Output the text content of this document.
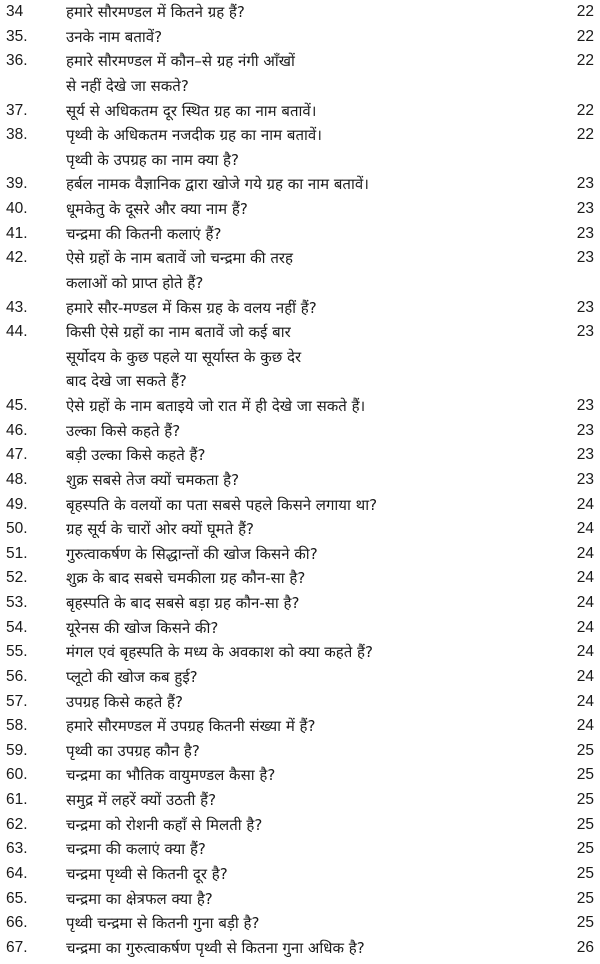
34	हमारे सौरमण्डल में कितने ग्रह हैं?	22
35.	उनके नाम बतावें?	22
36.	हमारे सौरमण्डल में कौन–से ग्रह नंगी आँखों	22
से नहीं देखे जा सकते?
37.	सूर्य से अधिकतम दूर स्थित ग्रह का नाम बतावें।	22
38.	पृथ्वी के अधिकतम नजदीक ग्रह का नाम बतावें।	22
पृथ्वी के उपग्रह का नाम क्या है?
39.	हर्बल नामक वैज्ञानिक द्वारा खोजे गये ग्रह का नाम बतावें।	23
40.	धूमकेतु के दूसरे और क्या नाम हैं?	23
41.	चन्द्रमा की कितनी कलाएं हैं?	23
42.	ऐसे ग्रहों के नाम बतावें जो चन्द्रमा की तरह	23
कलाओं को प्राप्त होते हैं?
43.	हमारे सौर-मण्डल में किस ग्रह के वलय नहीं हैं?	23
44.	किसी ऐसे ग्रहों का नाम बतावें जो कई बार	23
सूर्योदय के कुछ पहले या सूर्यास्त के कुछ देर
बाद देखे जा सकते हैं?
45.	ऐसे ग्रहों के नाम बताइये जो रात में ही देखे जा सकते हैं।	23
46.	उल्का किसे कहते हैं?	23
47.	बड़ी उल्का किसे कहते हैं?	23
48.	शुक्र सबसे तेज क्यों चमकता है?	23
49.	बृहस्पति के वलयों का पता सबसे पहले किसने लगाया था?	24
50.	ग्रह सूर्य के चारों ओर क्यों घूमते हैं?	24
51.	गुरुत्वाकर्षण के सिद्धान्तों की खोज किसने की?	24
52.	शुक्र के बाद सबसे चमकीला ग्रह कौन-सा है?	24
53.	बृहस्पति के बाद सबसे बड़ा ग्रह कौन-सा है?	24
54.	यूरेनस की खोज किसने की?	24
55.	मंगल एवं बृहस्पति के मध्य के अवकाश को क्या कहते हैं?	24
56.	प्लूटो की खोज कब हुई?	24
57.	उपग्रह किसे कहते हैं?	24
58.	हमारे सौरमण्डल में उपग्रह कितनी संख्या में हैं?	24
59.	पृथ्वी का उपग्रह कौन है?	25
60.	चन्द्रमा का भौतिक वायुमण्डल कैसा है?	25
61.	समुद्र में लहरें क्यों उठती हैं?	25
62.	चन्द्रमा को रोशनी कहाँ से मिलती है?	25
63.	चन्द्रमा की कलाएं क्या हैं?	25
64.	चन्द्रमा पृथ्वी से कितनी दूर है?	25
65.	चन्द्रमा का क्षेत्रफल क्या है?	25
66.	पृथ्वी चन्द्रमा से कितनी गुना बड़ी है?	25
67.	चन्द्रमा का गुरुत्वाकर्षण पृथ्वी से कितना गुना अधिक है?	26
